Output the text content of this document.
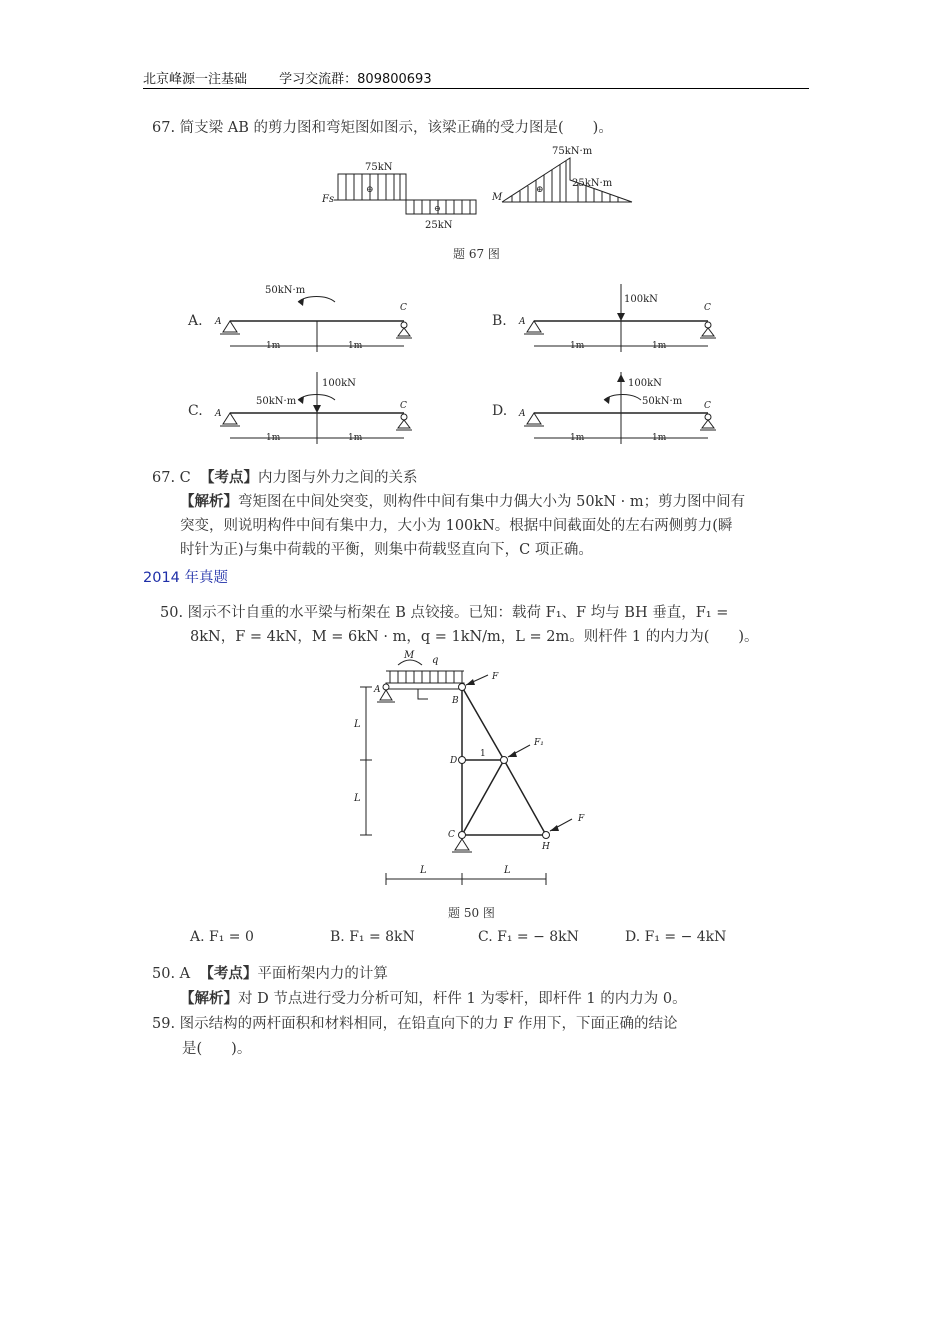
北京峰源一注基础 学习交流群：809800693
67. 简支梁 AB 的剪力图和弯矩图如图示，该梁正确的受力图是(　　)。
75kN
25kN
Fs
⊕
⊖
75kN·m
25kN·m
M
⊕
题 67 图
A.
50kN·m
A
C
1m	1m
B.
100kN
A
C
1m	1m
C.
100kN
50kN·m
A
C
1m	1m
D.
100kN
50kN·m
A
C
1m	1m
67. C 【考点】内力图与外力之间的关系
【解析】弯矩图在中间处突变，则构件中间有集中力偶大小为 50kN · m；剪力图中间有
突变，则说明构件中间有集中力，大小为 100kN。根据中间截面处的左右两侧剪力(瞬
时针为正)与集中荷载的平衡，则集中荷载竖直向下，C 项正确。
2014 年真题
50. 图示不计自重的水平梁与桁架在 B 点铰接。已知：载荷 F₁、F 均与 BH 垂直，F₁ =
8kN，F = 4kN，M = 6kN · m，q = 1kN/m，L = 2m。则杆件 1 的内力为(　　)。
M q
A
F
F₁
F
B
D
1
C
H
L
L
L	L
题 50 图
A. F₁ = 0	B. F₁ = 8kN	C. F₁ = − 8kN	D. F₁ = − 4kN
50. A 【考点】平面桁架内力的计算
【解析】对 D 节点进行受力分析可知，杆件 1 为零杆，即杆件 1 的内力为 0。
59. 图示结构的两杆面积和材料相同，在铅直向下的力 F 作用下，下面正确的结论
是(　　)。
